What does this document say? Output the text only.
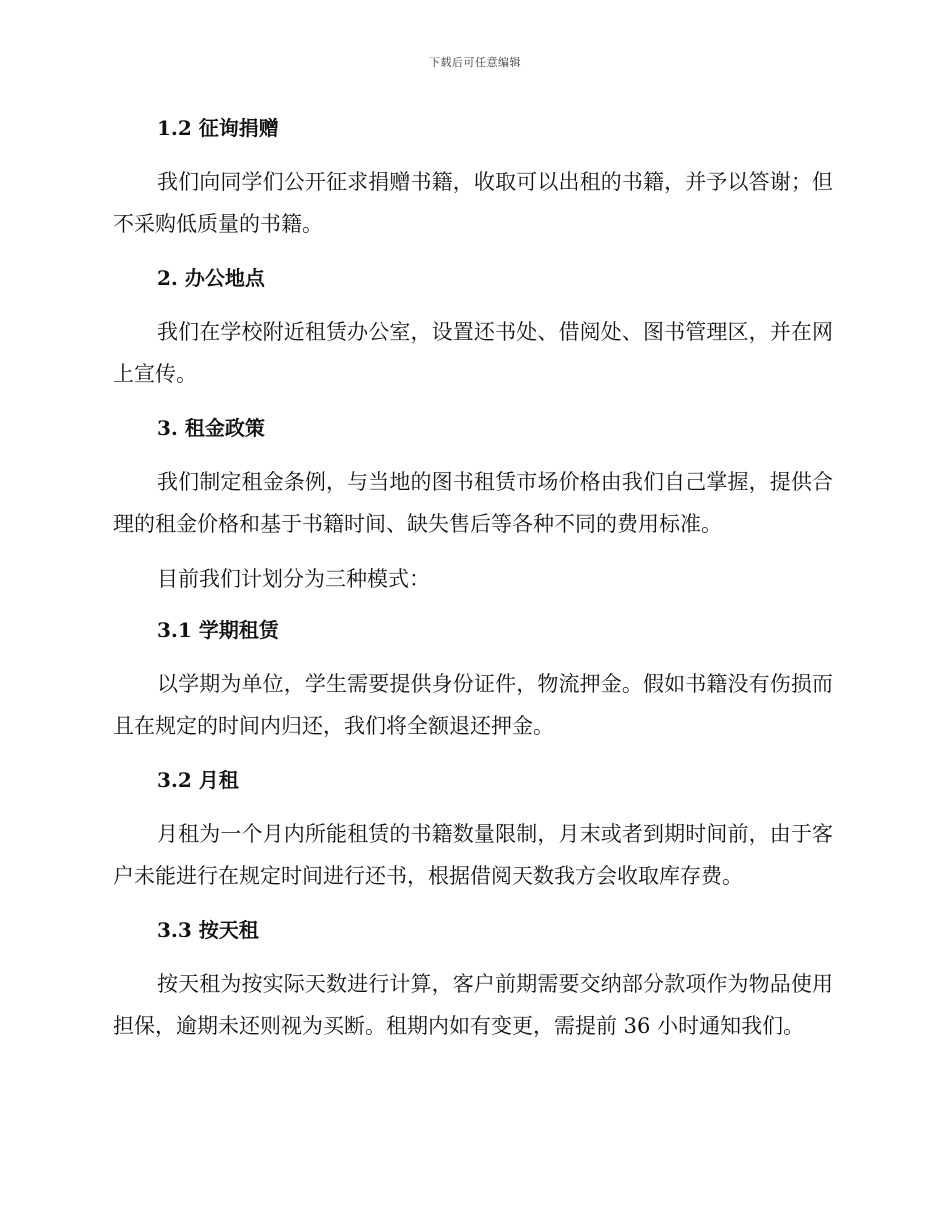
下载后可任意编辑
1.2 征询捐赠
我们向同学们公开征求捐赠书籍，收取可以出租的书籍，并予以答谢；但不采购低质量的书籍。
2. 办公地点
我们在学校附近租赁办公室，设置还书处、借阅处、图书管理区，并在网上宣传。
3. 租金政策
我们制定租金条例，与当地的图书租赁市场价格由我们自己掌握，提供合理的租金价格和基于书籍时间、缺失售后等各种不同的费用标准。
目前我们计划分为三种模式：
3.1 学期租赁
以学期为单位，学生需要提供身份证件，物流押金。假如书籍没有伤损而且在规定的时间内归还，我们将全额退还押金。
3.2 月租
月租为一个月内所能租赁的书籍数量限制，月末或者到期时间前，由于客户未能进行在规定时间进行还书，根据借阅天数我方会收取库存费。
3.3 按天租
按天租为按实际天数进行计算，客户前期需要交纳部分款项作为物品使用担保，逾期未还则视为买断。租期内如有变更，需提前 36 小时通知我们。
